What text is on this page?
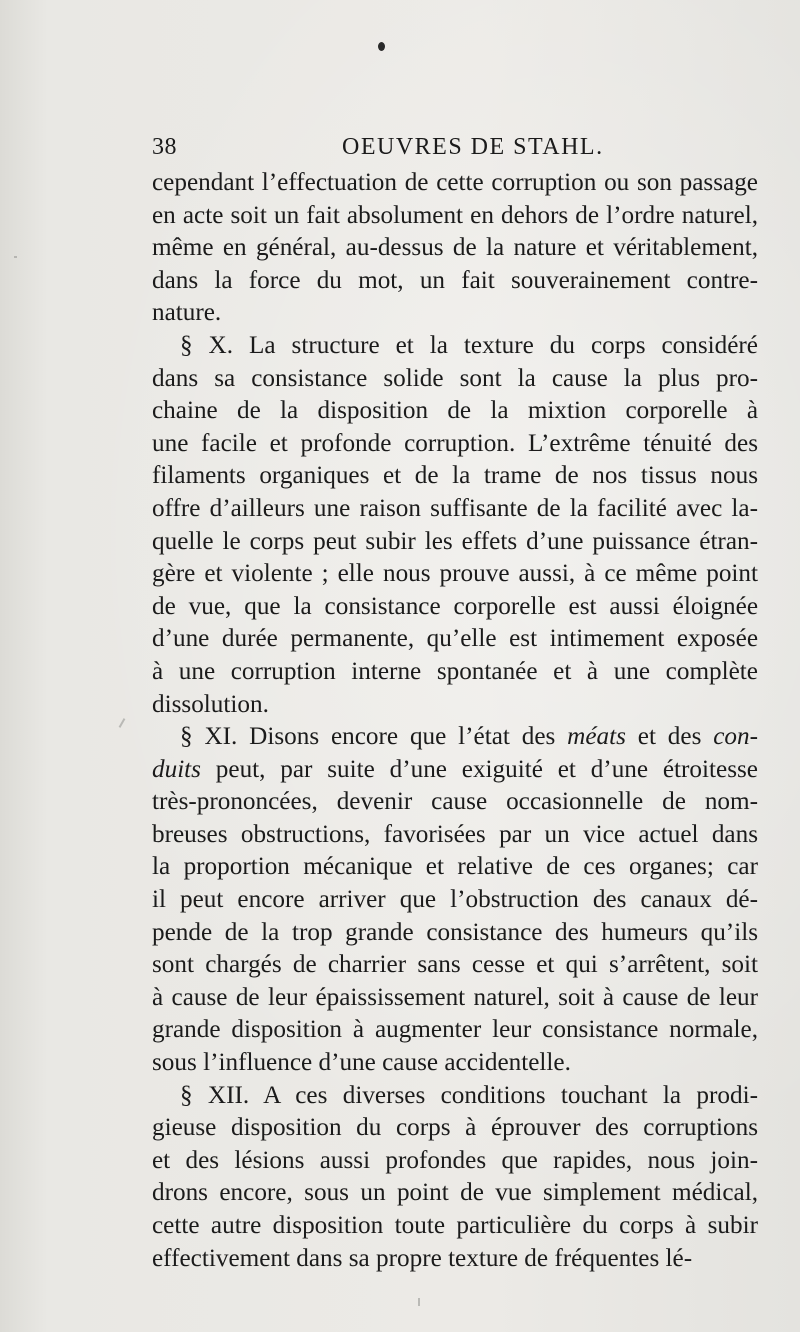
38	OEUVRES DE STAHL.
cependant l’effectuation de cette corruption ou son passage
en acte soit un fait absolument en dehors de l’ordre naturel,
même en général, au-dessus de la nature et véritablement,
dans la force du mot, un fait souverainement contre-
nature.
§ X. La structure et la texture du corps considéré
dans sa consistance solide sont la cause la plus pro-
chaine de la disposition de la mixtion corporelle à
une facile et profonde corruption. L’extrême ténuité des
filaments organiques et de la trame de nos tissus nous
offre d’ailleurs une raison suffisante de la facilité avec la-
quelle le corps peut subir les effets d’une puissance étran-
gère et violente ; elle nous prouve aussi, à ce même point
de vue, que la consistance corporelle est aussi éloignée
d’une durée permanente, qu’elle est intimement exposée
à une corruption interne spontanée et à une complète
dissolution.
§ XI. Disons encore que l’état des méats et des con-
duits peut, par suite d’une exiguité et d’une étroitesse
très-prononcées, devenir cause occasionnelle de nom-
breuses obstructions, favorisées par un vice actuel dans
la proportion mécanique et relative de ces organes; car
il peut encore arriver que l’obstruction des canaux dé-
pende de la trop grande consistance des humeurs qu’ils
sont chargés de charrier sans cesse et qui s’arrêtent, soit
à cause de leur épaississement naturel, soit à cause de leur
grande disposition à augmenter leur consistance normale,
sous l’influence d’une cause accidentelle.
§ XII. A ces diverses conditions touchant la prodi-
gieuse disposition du corps à éprouver des corruptions
et des lésions aussi profondes que rapides, nous join-
drons encore, sous un point de vue simplement médical,
cette autre disposition toute particulière du corps à subir
effectivement dans sa propre texture de fréquentes lé-
